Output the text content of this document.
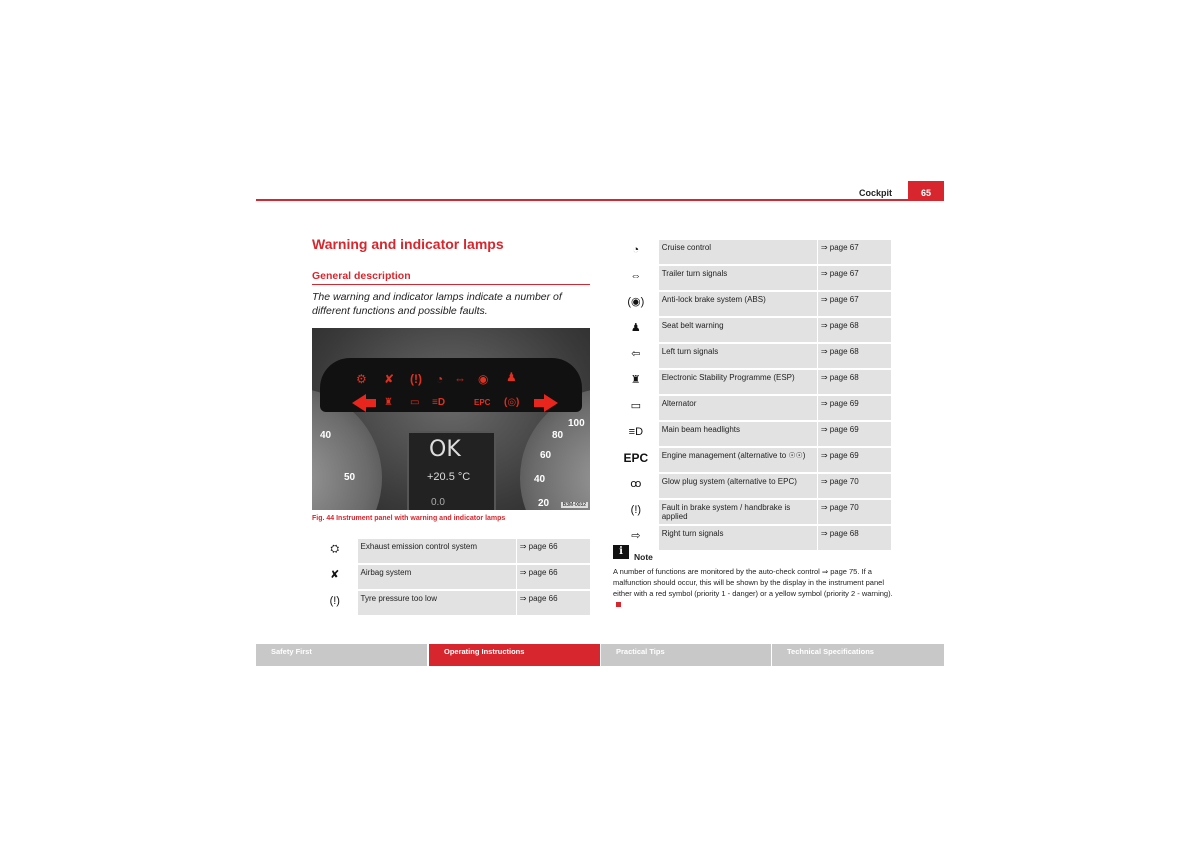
Cockpit	65
Warning and indicator lamps
General description
The warning and indicator lamps indicate a number of different functions and possible faults.
⚙ ✘ (!) ◔ ⇔ ◉ ♟
♜ ▭ ≡D	EPC (◎)
40
50
100
80
60
40
20
OK
+20.5 °C
0.0	B3M-0032
Fig. 44 Instrument panel with warning and indicator lamps
⛭	Exhaust emission control system	⇒ page 66
✘	Airbag system	⇒ page 66
(!)	Tyre pressure too low	⇒ page 66
◔	Cruise control	⇒ page 67
⇔	Trailer turn signals	⇒ page 67
(◉)	Anti-lock brake system (ABS)	⇒ page 67
♟	Seat belt warning	⇒ page 68
⇦	Left turn signals	⇒ page 68
♜	Electronic Stability Programme (ESP)	⇒ page 68
▭	Alternator	⇒ page 69
≡D	Main beam headlights	⇒ page 69
EPC	Engine management (alternative to ☉☉)	⇒ page 69
ꝏ	Glow plug system (alternative to EPC)	⇒ page 70
(!)	Fault in brake system / handbrake is applied	⇒ page 70
⇨	Right turn signals	⇒ page 68
i	Note
A number of functions are monitored by the auto-check control ⇒ page 75. If a malfunction should occur, this will be shown by the display in the instrument panel either with a red symbol (priority 1 - danger) or a yellow symbol (priority 2 - warning).
Safety First	Operating Instructions	Practical Tips	Technical Specifications
